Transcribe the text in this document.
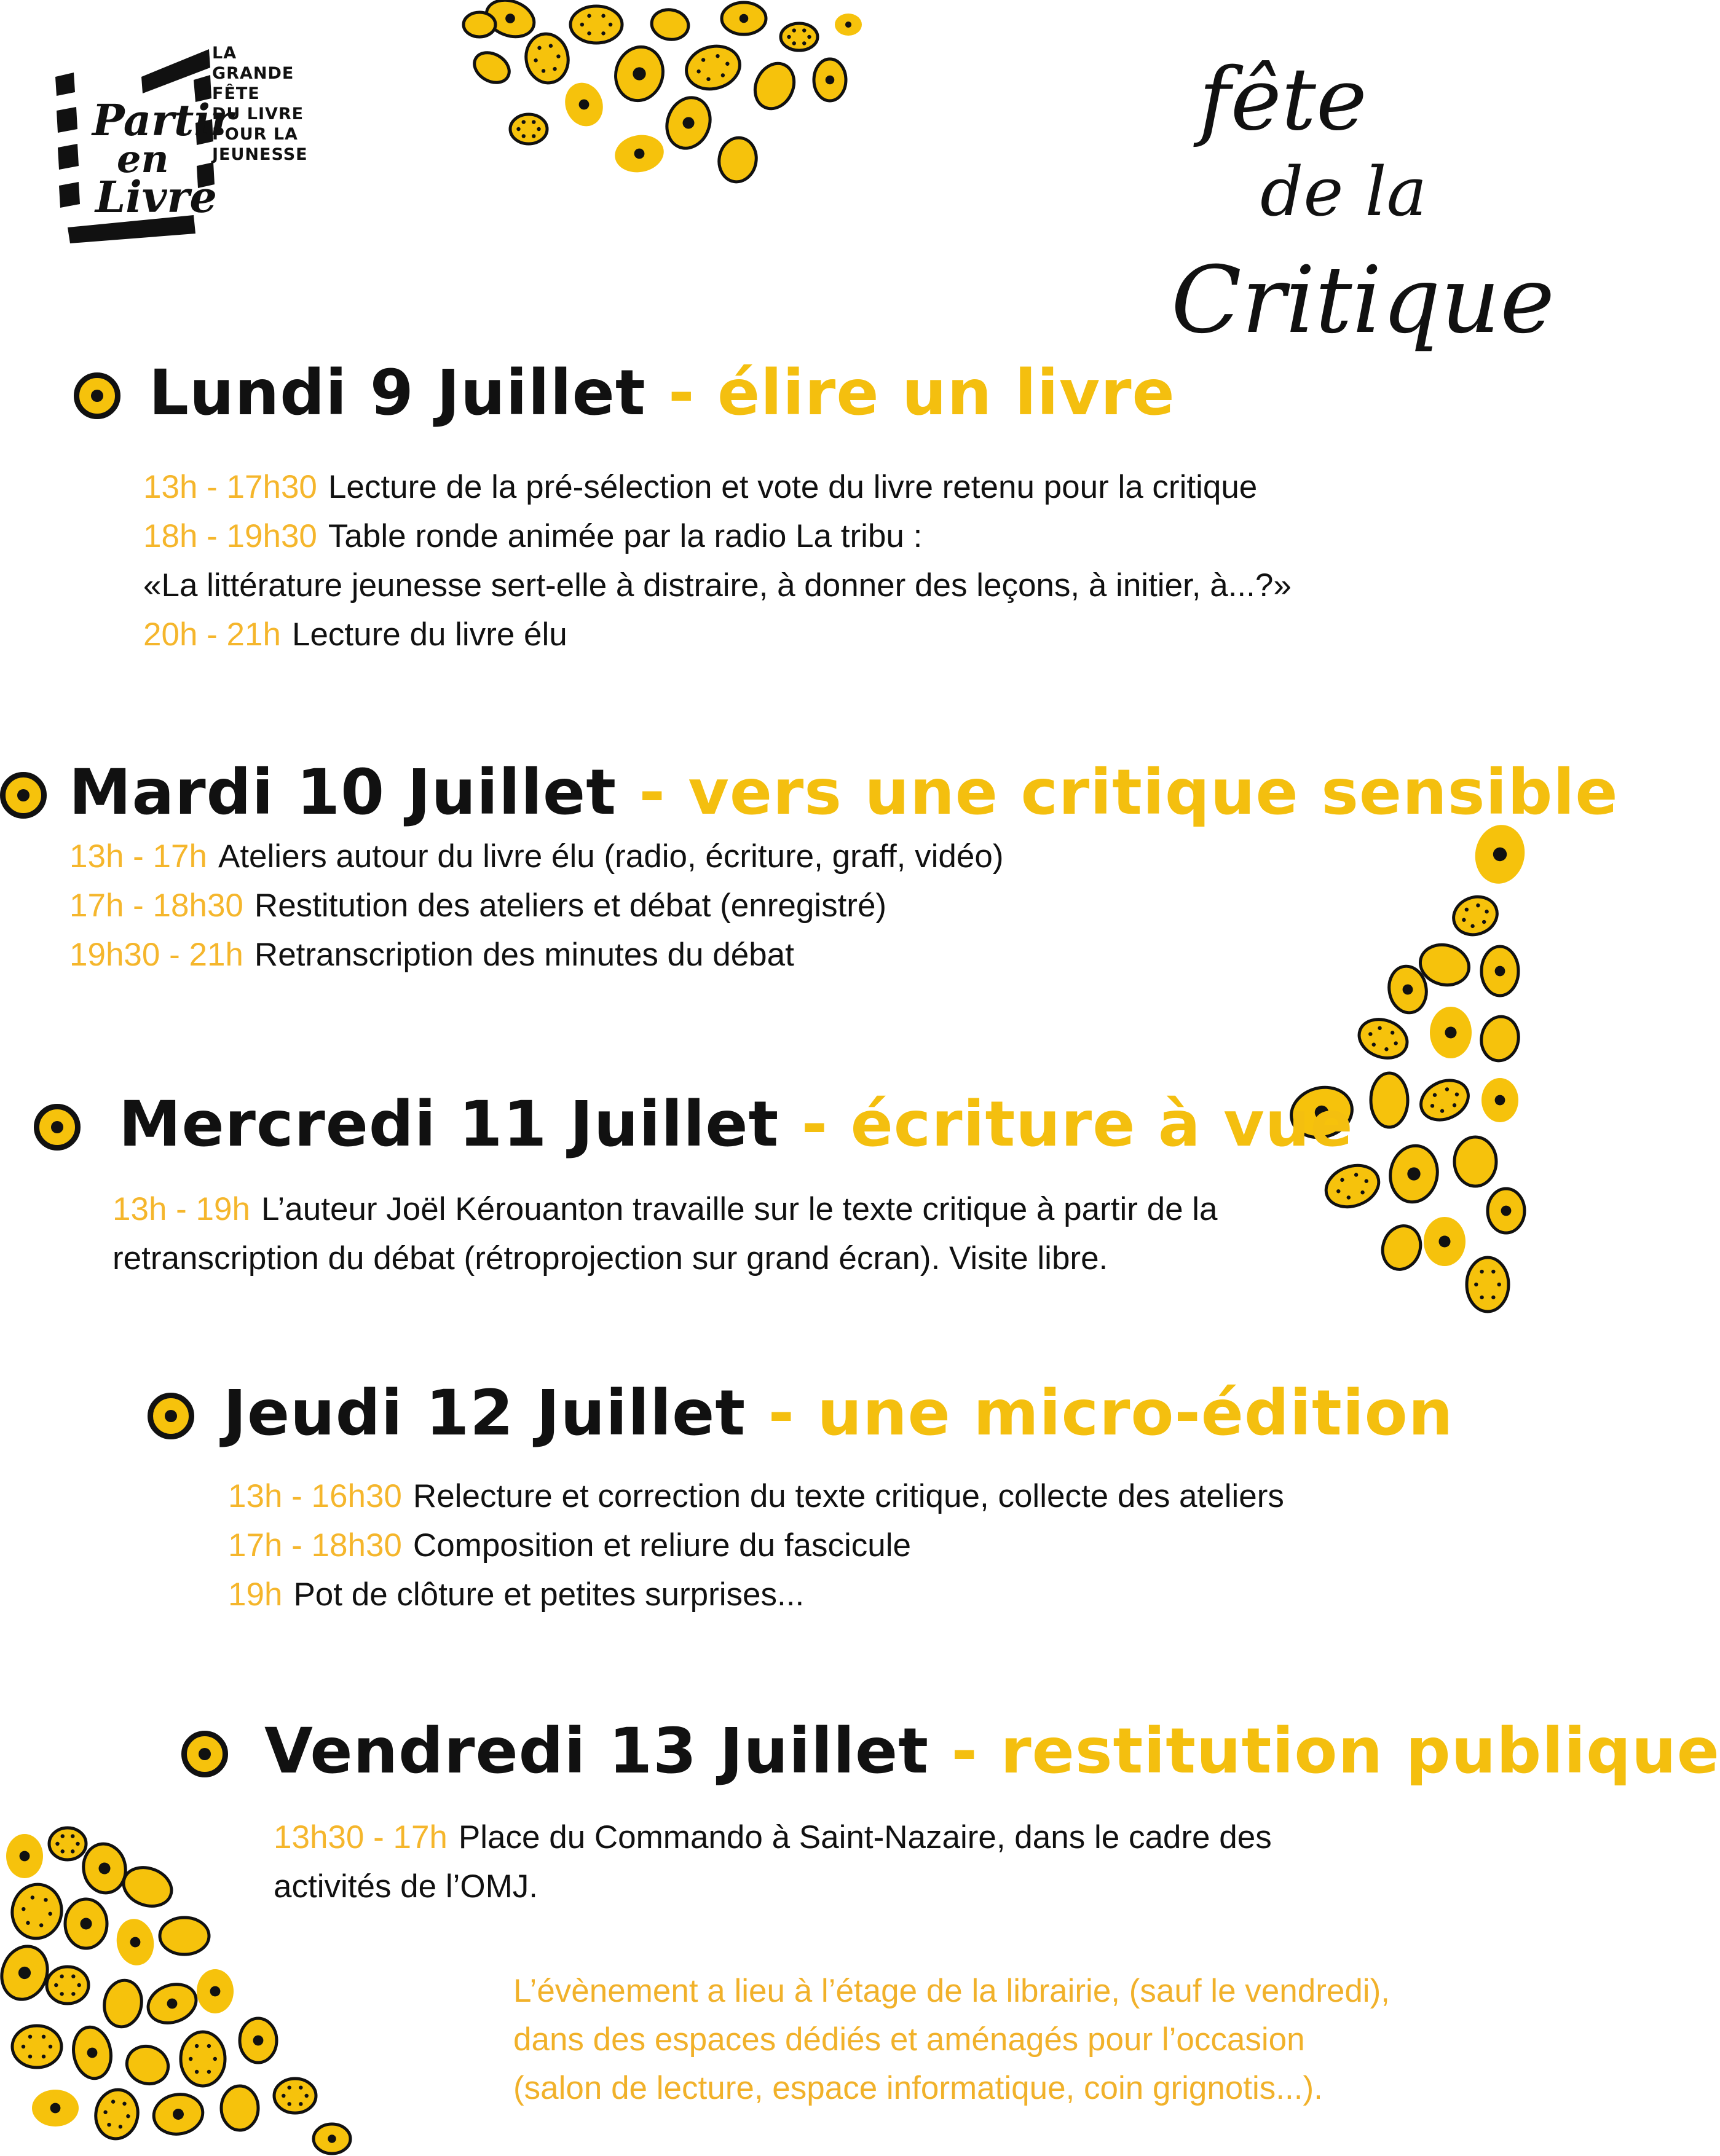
Partir
en
Livre
LA
GRANDE
FÊTE
DU LIVRE
POUR LA
JEUNESSE
fête
de la
Critique
Lundi 9 Juillet - élire un livre
13h - 17h30 Lecture de la pré-sélection et vote du livre retenu pour la critique
18h - 19h30 Table ronde animée par la radio La tribu :
«La littérature jeunesse sert-elle à distraire, à donner des leçons, à initier, à...?»
20h - 21h Lecture du livre élu
Mardi 10 Juillet - vers une critique sensible
13h - 17h Ateliers autour du livre élu (radio, écriture, graff, vidéo)
17h - 18h30 Restitution des ateliers et débat (enregistré)
19h30 - 21h Retranscription des minutes du débat
Mercredi 11 Juillet - écriture à vue
13h - 19h L’auteur Joël Kérouanton travaille sur le texte critique à partir de la
retranscription du débat (rétroprojection sur grand écran). Visite libre.
Jeudi 12 Juillet - une micro-édition
13h - 16h30 Relecture et correction du texte critique, collecte des ateliers
17h - 18h30 Composition et reliure du fascicule
19h Pot de clôture et petites surprises...
Vendredi 13 Juillet - restitution publique
13h30 - 17h Place du Commando à Saint-Nazaire, dans le cadre des
activités de l’OMJ.
L’évènement a lieu à l’étage de la librairie, (sauf le vendredi),
dans des espaces dédiés et aménagés pour l’occasion
(salon de lecture, espace informatique, coin grignotis...).
